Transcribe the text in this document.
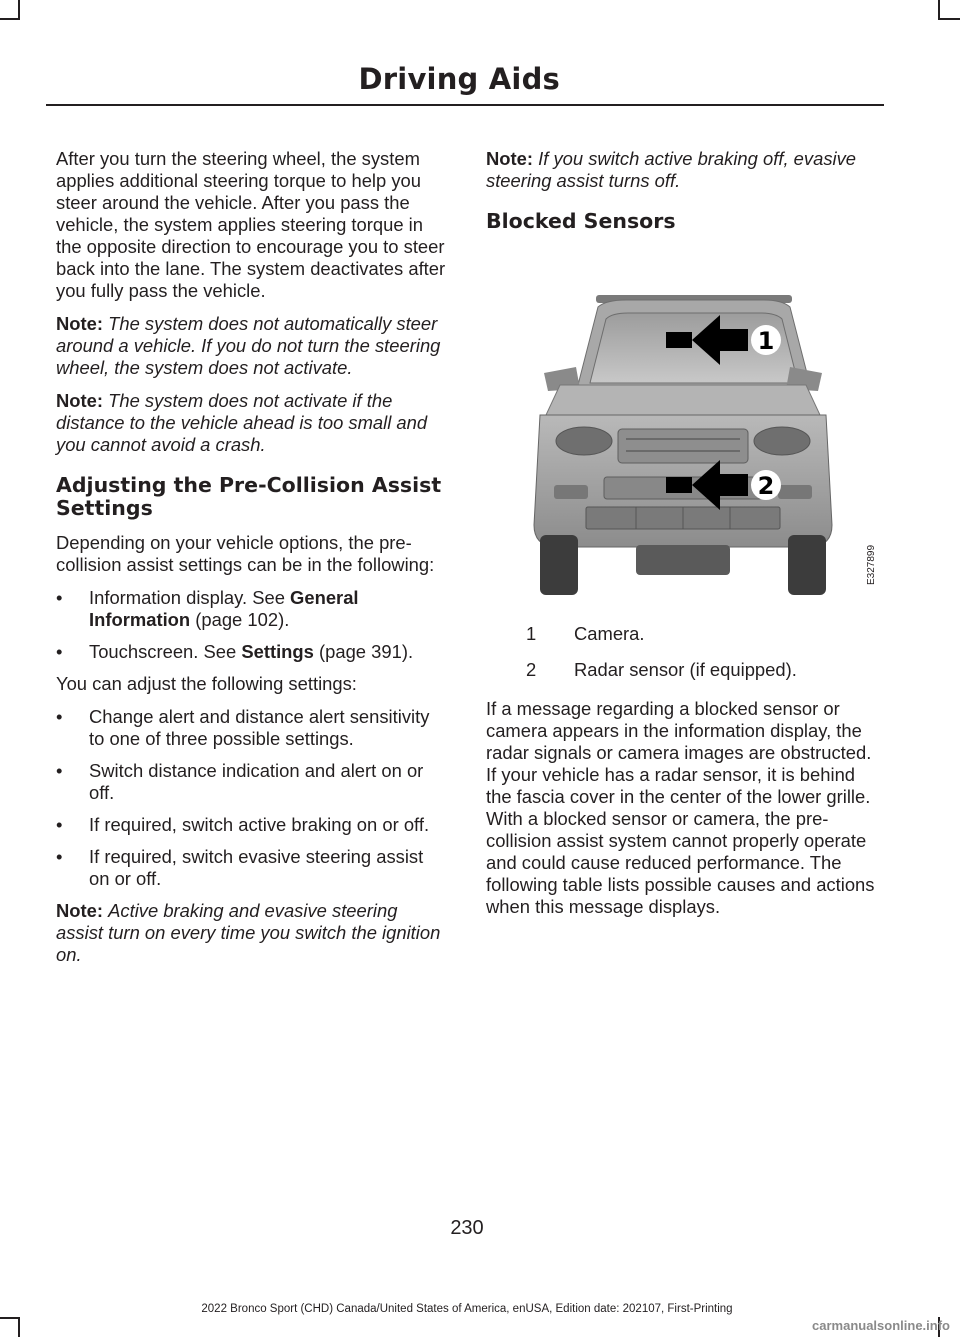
Driving Aids

After you turn the steering wheel, the system applies additional steering torque to help you steer around the vehicle. After you pass the vehicle, the system applies steering torque in the opposite direction to encourage you to steer back into the lane. The system deactivates after you fully pass the vehicle.

Note: The system does not automatically steer around a vehicle. If you do not turn the steering wheel, the system does not activate.

Note: The system does not activate if the distance to the vehicle ahead is too small and you cannot avoid a crash.

Adjusting the Pre-Collision Assist Settings

Depending on your vehicle options, the pre-collision assist settings can be in the following:

• Information display. See General Information (page 102).
• Touchscreen. See Settings (page 391).

You can adjust the following settings:

• Change alert and distance alert sensitivity to one of three possible settings.
• Switch distance indication and alert on or off.
• If required, switch active braking on or off.
• If required, switch evasive steering assist on or off.

Note: Active braking and evasive steering assist turn on every time you switch the ignition on.

Note: If you switch active braking off, evasive steering assist turns off.

Blocked Sensors
1
2
E327899
1	Camera.
2	Radar sensor (if equipped).

If a message regarding a blocked sensor or camera appears in the information display, the radar signals or camera images are obstructed. If your vehicle has a radar sensor, it is behind the fascia cover in the center of the lower grille. With a blocked sensor or camera, the pre-collision assist system cannot properly operate and could cause reduced performance. The following table lists possible causes and actions when this message displays.

230
2022 Bronco Sport (CHD) Canada/United States of America, enUSA, Edition date: 202107, First-Printing
carmanualsonline.info
